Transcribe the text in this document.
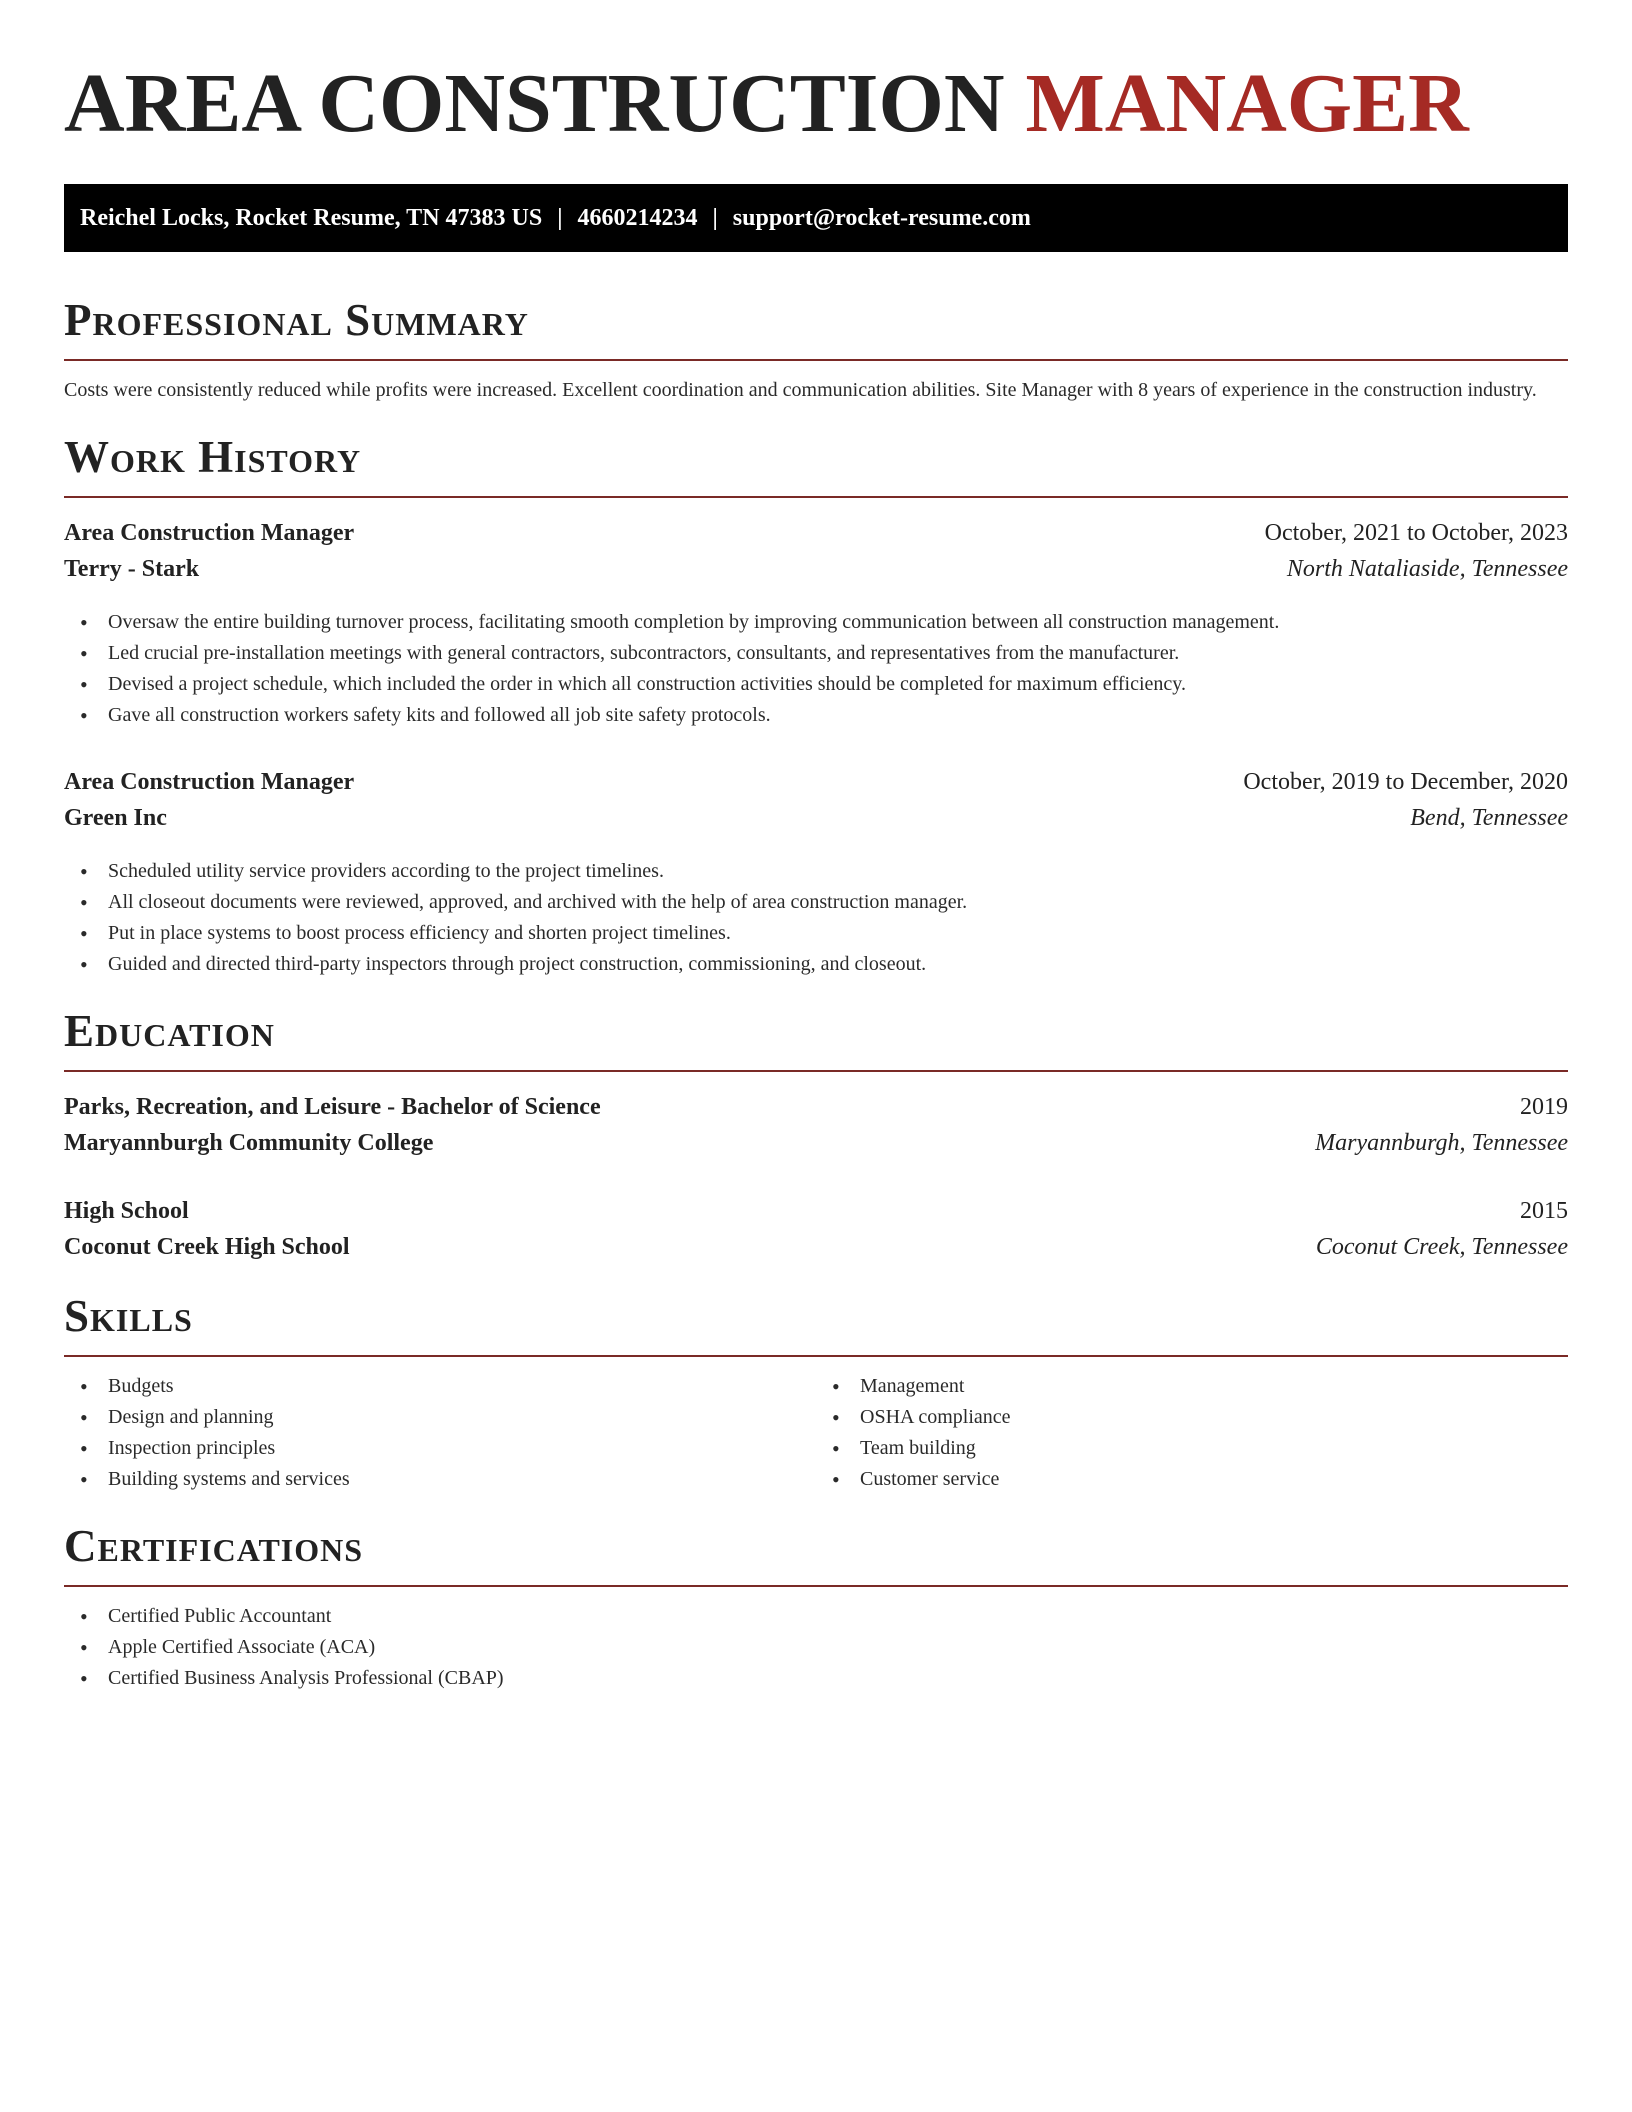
AREA CONSTRUCTION MANAGER
Reichel Locks, Rocket Resume, TN 47383 US | 4660214234 | support@rocket-resume.com
Professional Summary

Costs were consistently reduced while profits were increased. Excellent coordination and communication abilities. Site Manager with 8 years of experience in the construction industry.

Work History
Area Construction Manager	October, 2021 to October, 2023
Terry - Stark	North Nataliaside, Tennessee
• Oversaw the entire building turnover process, facilitating smooth completion by improving communication between all construction management.
• Led crucial pre-installation meetings with general contractors, subcontractors, consultants, and representatives from the manufacturer.
• Devised a project schedule, which included the order in which all construction activities should be completed for maximum efficiency.
• Gave all construction workers safety kits and followed all job site safety protocols.
Area Construction Manager	October, 2019 to December, 2020
Green Inc	Bend, Tennessee
• Scheduled utility service providers according to the project timelines.
• All closeout documents were reviewed, approved, and archived with the help of area construction manager.
• Put in place systems to boost process efficiency and shorten project timelines.
• Guided and directed third-party inspectors through project construction, commissioning, and closeout.
Education
Parks, Recreation, and Leisure - Bachelor of Science	2019
Maryannburgh Community College	Maryannburgh, Tennessee
High School	2015
Coconut Creek High School	Coconut Creek, Tennessee
Skills
• Budgets
• Design and planning
• Inspection principles
• Building systems and services
• Management
• OSHA compliance
• Team building
• Customer service
Certifications
• Certified Public Accountant
• Apple Certified Associate (ACA)
• Certified Business Analysis Professional (CBAP)
